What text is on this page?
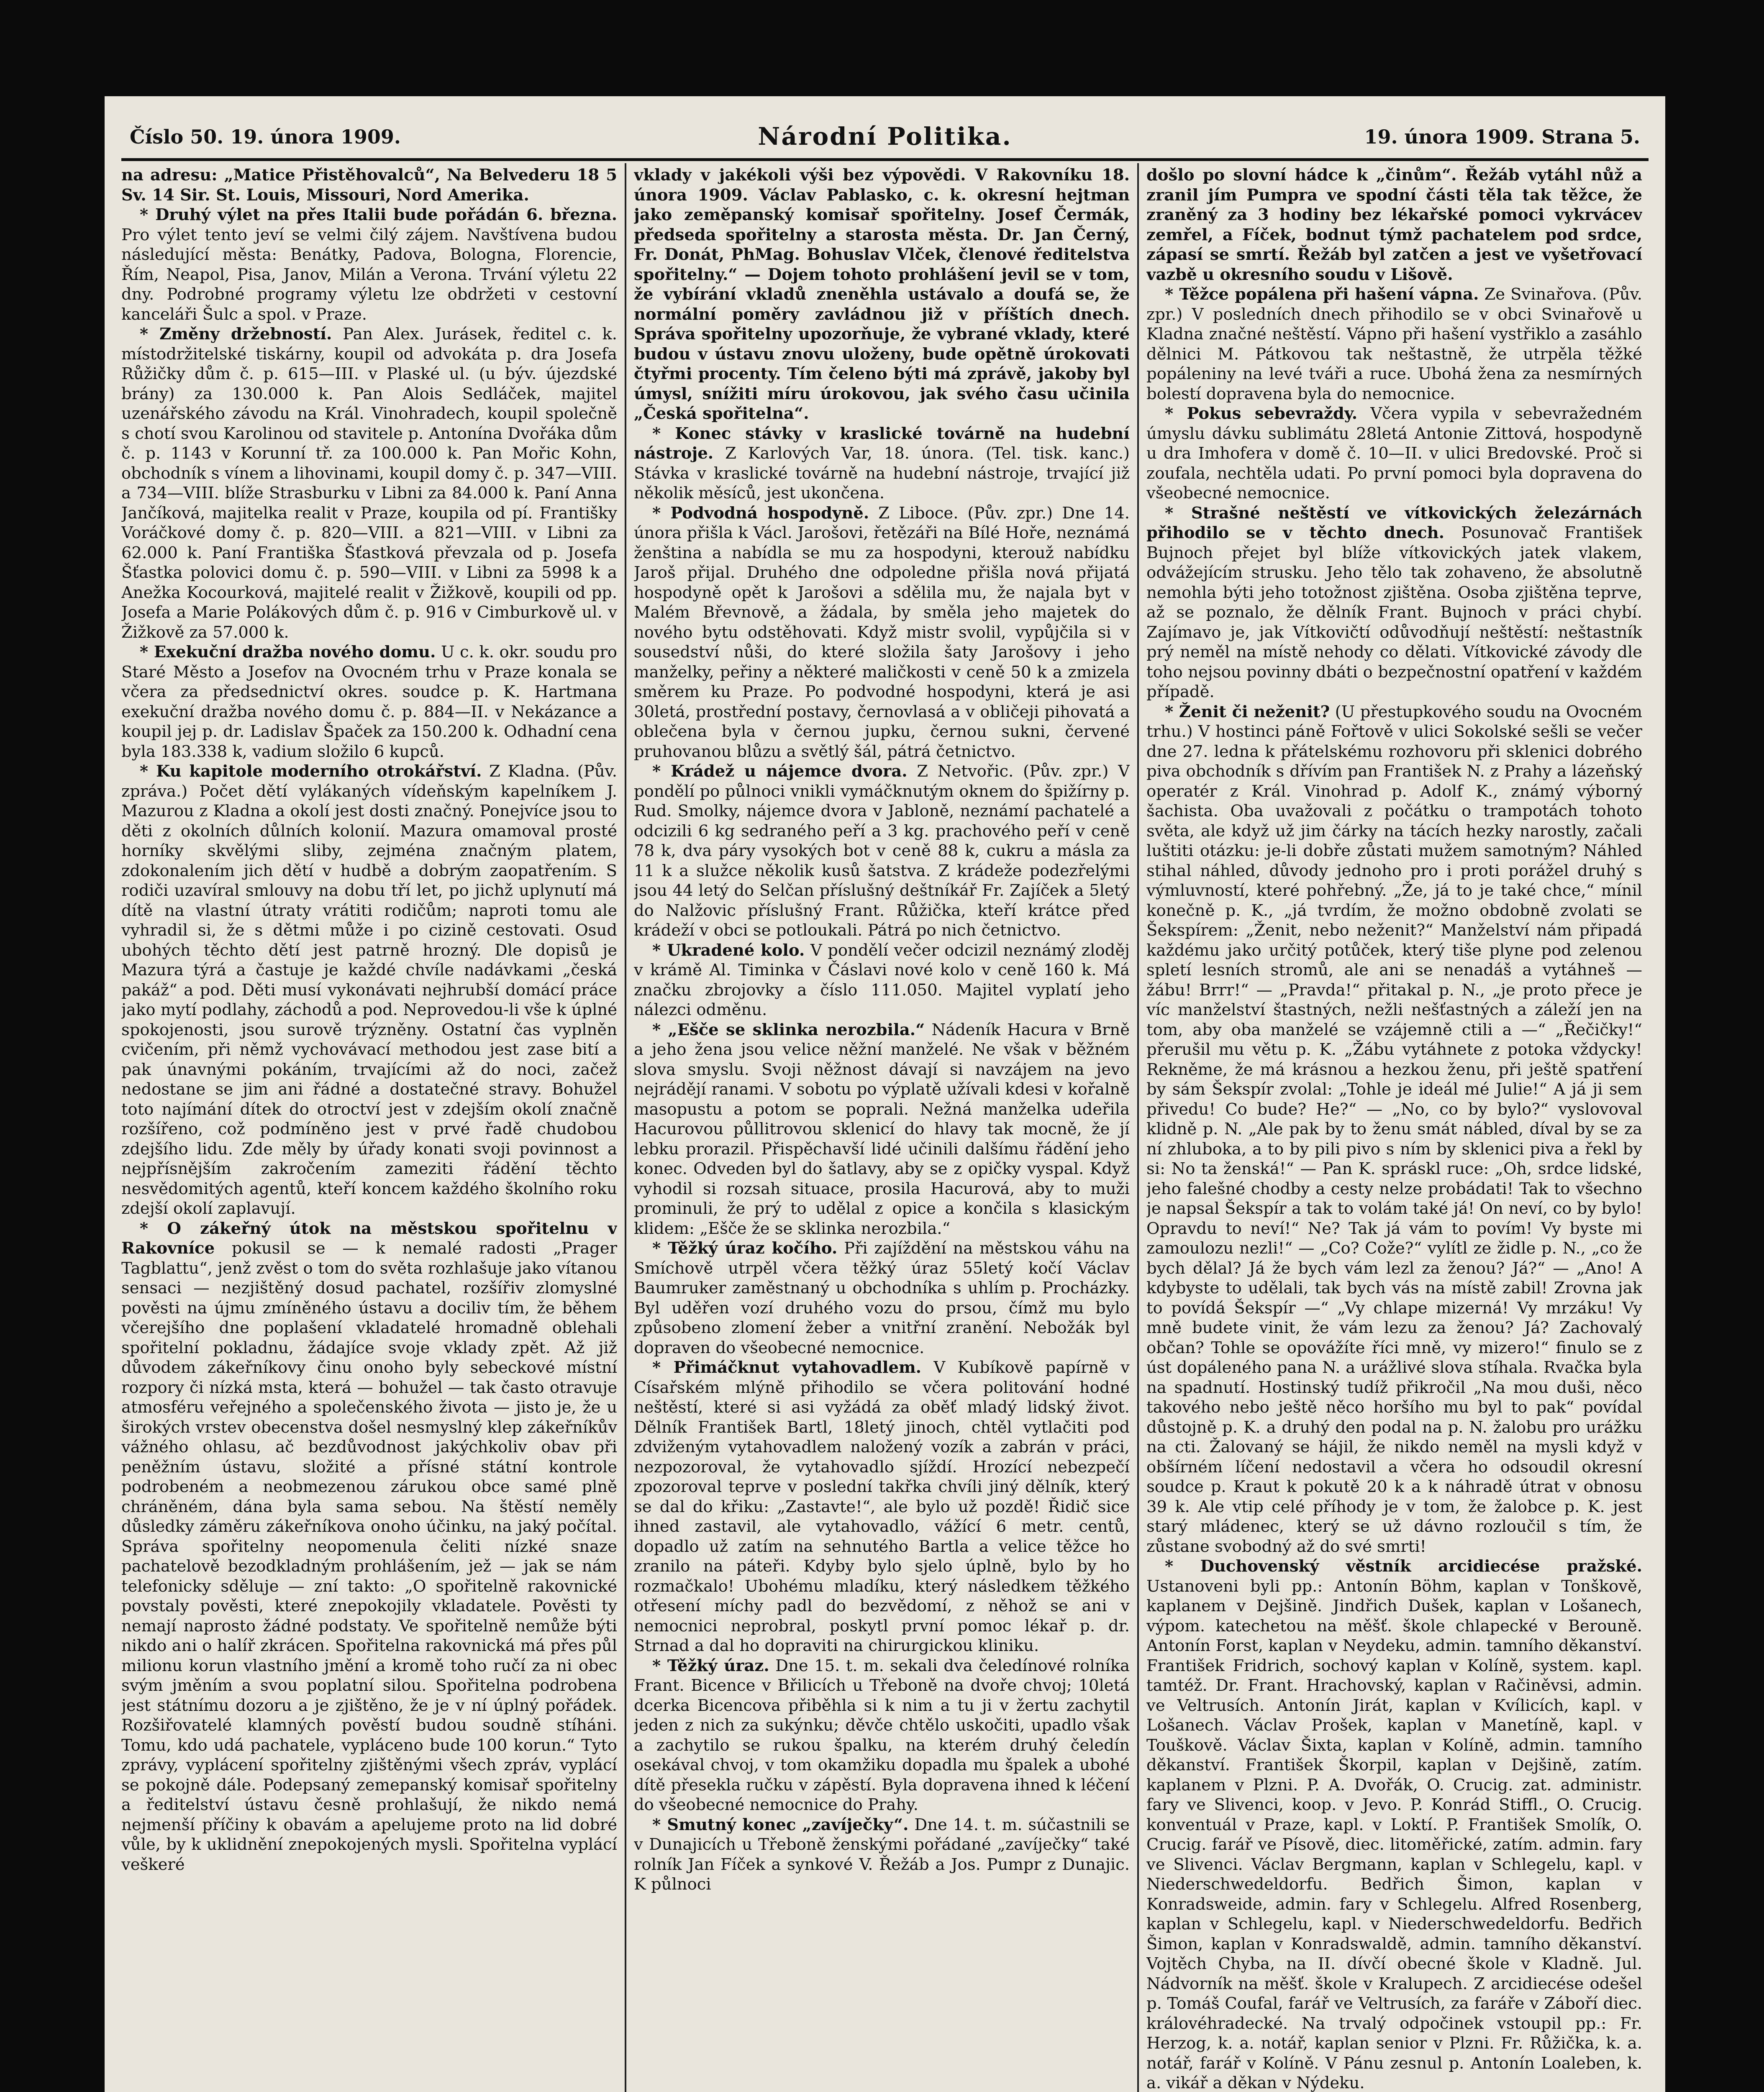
Číslo 50. 19. února 1909.	Národní Politika.	19. února 1909. Strana 5.

na adresu: „Matice Přistěhovalců“, Na Belvederu 18 5 Sv. 14 Sir. St. Louis, Missouri, Nord Amerika.

* Druhý výlet na přes Italii bude pořádán 6. března. Pro výlet tento jeví se velmi čilý zájem. Navštívena budou následující města: Benátky, Padova, Bologna, Florencie, Řím, Neapol, Pisa, Janov, Milán a Verona. Trvání výletu 22 dny. Podrobné programy výletu lze obdržeti v cestovní kanceláři Šulc a spol. v Praze.

* Změny držebností. Pan Alex. Jurásek, ředitel c. k. místodržitelské tiskárny, koupil od advokáta p. dra Josefa Růžičky dům č. p. 615—III. v Plaské ul. (u býv. újezdské brány) za 130.000 k. Pan Alois Sedláček, majitel uzenářského závodu na Král. Vinohradech, koupil společně s chotí svou Karolinou od stavitele p. Antonína Dvořáka dům č. p. 1143 v Korunní tř. za 100.000 k. Pan Mořic Kohn, obchodník s vínem a lihovinami, koupil domy č. p. 347—VIII. a 734—VIII. blíže Strasburku v Libni za 84.000 k. Paní Anna Jančíková, majitelka realit v Praze, koupila od pí. Františky Voráčkové domy č. p. 820—VIII. a 821—VIII. v Libni za 62.000 k. Paní Františka Šťastková převzala od p. Josefa Šťastka polovici domu č. p. 590—VIII. v Libni za 5998 k a Anežka Kocourková, majitelé realit v Žižkově, koupili od pp. Josefa a Marie Polákových dům č. p. 916 v Cimburkově ul. v Žižkově za 57.000 k.

* Exekuční dražba nového domu. U c. k. okr. soudu pro Staré Město a Josefov na Ovocném trhu v Praze konala se včera za předsednictví okres. soudce p. K. Hartmana exekuční dražba nového domu č. p. 884—II. v Nekázance a koupil jej p. dr. Ladislav Špaček za 150.200 k. Odhadní cena byla 183.338 k, vadium složilo 6 kupců.

* Ku kapitole moderního otrokářství. Z Kladna. (Pův. zpráva.) Počet dětí vylákaných vídeňským kapelníkem J. Mazurou z Kladna a okolí jest dosti značný. Ponejvíce jsou to děti z okolních důlních kolonií. Mazura omamoval prosté horníky skvělými sliby, zejména značným platem, zdokonalením jich dětí v hudbě a dobrým zaopatřením. S rodiči uzavíral smlouvy na dobu tří let, po jichž uplynutí má dítě na vlastní útraty vrátiti rodičům; naproti tomu ale vyhradil si, že s dětmi může i po cizině cestovati. Osud ubohých těchto dětí jest patrně hrozný. Dle dopisů je Mazura týrá a častuje je každé chvíle nadávkami „česká pakáž“ a pod. Děti musí vykonávati nejhrubší domácí práce jako mytí podlahy, záchodů a pod. Neprovedou-li vše k úplné spokojenosti, jsou surově trýzněny. Ostatní čas vyplněn cvičením, při němž vychovávací methodou jest zase bití a pak únavnými pokáním, trvajícími až do noci, začež nedostane se jim ani řádné a dostatečné stravy. Bohužel toto najímání dítek do otroctví jest v zdejším okolí značně rozšířeno, což podmíněno jest v prvé řadě chudobou zdejšího lidu. Zde měly by úřady konati svoji povinnost a nejpřísnějším zakročením zameziti řádění těchto nesvědomitých agentů, kteří koncem každého školního roku zdejší okolí zaplavují.

* O zákeřný útok na městskou spořitelnu v Rakovníce pokusil se — k nemalé radosti „Prager Tagblattu“, jenž zvěst o tom do světa rozhlašuje jako vítanou sensaci — nezjištěný dosud pachatel, rozšířiv zlomyslné pověsti na újmu zmíněného ústavu a dociliv tím, že během včerejšího dne poplašení vkladatelé hromadně oblehali spořitelní pokladnu, žádajíce svoje vklady zpět. Až již důvodem zákeřníkovy činu onoho byly sebeckové místní rozpory či nízká msta, která — bohužel — tak často otravuje atmosféru veřejného a společenského života — jisto je, že u širokých vrstev obecenstva došel nesmyslný klep zákeřníkův vážného ohlasu, ač bezdůvodnost jakýchkoliv obav při peněžním ústavu, složité a přísné státní kontrole podrobeném a neobmezenou zárukou obce samé plně chráněném, dána byla sama sebou. Na štěstí neměly důsledky záměru zákeřníkova onoho účinku, na jaký počítal. Správa spořitelny neopomenula čeliti nízké snaze pachatelově bezodkladným prohlášením, jež — jak se nám telefonicky sděluje — zní takto: „O spořitelně rakovnické povstaly pověsti, které znepokojily vkladatele. Pověsti ty nemají naprosto žádné podstaty. Ve spořitelně nemůže býti nikdo ani o halíř zkrácen. Spořitelna rakovnická má přes půl milionu korun vlastního jmění a kromě toho ručí za ni obec svým jměním a svou poplatní silou. Spořitelna podrobena jest státnímu dozoru a je zjištěno, že je v ní úplný pořádek. Rozšiřovatelé klamných pověstí budou soudně stíháni. Tomu, kdo udá pachatele, vypláceno bude 100 korun.“ Tyto zprávy, vyplácení spořitelny zjištěnými všech zpráv, vyplácí se pokojně dále. Podepsaný zemepanský komisař spořitelny a ředitelství ústavu česně prohlašují, že nikdo nemá nejmenší příčiny k obavám a apelujeme proto na lid dobré vůle, by k uklidnění znepokojených mysli. Spořitelna vyplácí veškeré

vklady v jakékoli výši bez výpovědi. V Rakovníku 18. února 1909. Václav Pablasko, c. k. okresní hejtman jako zeměpanský komisař spořitelny. Josef Čermák, předseda spořitelny a starosta města. Dr. Jan Černý, Fr. Donát, PhMag. Bohuslav Vlček, členové ředitelstva spořitelny.“ — Dojem tohoto prohlášení jevil se v tom, že vybírání vkladů zneněhla ustávalo a doufá se, že normální poměry zavládnou již v příštích dnech. Správa spořitelny upozorňuje, že vybrané vklady, které budou v ústavu znovu uloženy, bude opětně úrokovati čtyřmi procenty. Tím čeleno býti má zprávě, jakoby byl úmysl, snížiti míru úrokovou, jak svého času učinila „Česká spořitelna“.

* Konec stávky v kraslické továrně na hudební nástroje. Z Karlových Var, 18. února. (Tel. tisk. kanc.) Stávka v kraslické továrně na hudební nástroje, trvající již několik měsíců, jest ukončena.

* Podvodná hospodyně. Z Liboce. (Pův. zpr.) Dne 14. února přišla k Václ. Jarošovi, řetězáři na Bílé Hoře, neznámá ženština a nabídla se mu za hospodyni, kterouž nabídku Jaroš přijal. Druhého dne odpoledne přišla nová přijatá hospodyně opět k Jarošovi a sdělila mu, že najala byt v Malém Břevnově, a žádala, by směla jeho majetek do nového bytu odstěhovati. Když mistr svolil, vypůjčila si v sousedství nůši, do které složila šaty Jarošovy i jeho manželky, peřiny a některé maličkosti v ceně 50 k a zmizela směrem ku Praze. Po podvodné hospodyni, která je asi 30letá, prostřední postavy, černovlasá a v obličeji pihovatá a oblečena byla v černou jupku, černou sukni, červené pruhovanou blůzu a světlý šál, pátrá četnictvo.

* Krádež u nájemce dvora. Z Netvořic. (Pův. zpr.) V pondělí po půlnoci vnikli vymáčknutým oknem do špižírny p. Rud. Smolky, nájemce dvora v Jabloně, neznámí pachatelé a odcizili 6 kg sedraného peří a 3 kg. prachového peří v ceně 78 k, dva páry vysokých bot v ceně 88 k, cukru a másla za 11 k a služce několik kusů šatstva. Z krádeže podezřelými jsou 44 letý do Selčan příslušný deštníkář Fr. Zajíček a 5letý do Nalžovic příslušný Frant. Růžička, kteří krátce před krádeží v obci se potloukali. Pátrá po nich četnictvo.

* Ukradené kolo. V pondělí večer odcizil neznámý zloděj v krámě Al. Timinka v Čáslavi nové kolo v ceně 160 k. Má značku zbrojovky a číslo 111.050. Majitel vyplatí jeho nálezci odměnu.

* „Ešče se sklinka nerozbila.“ Nádeník Hacura v Brně a jeho žena jsou velice něžní manželé. Ne však v běžném slova smyslu. Svoji něžnost dávají si navzájem na jevo nejrádějí ranami. V sobotu po výplatě užívali kdesi v kořalně masopustu a potom se poprali. Nežná manželka udeřila Hacurovou půllitrovou sklenicí do hlavy tak mocně, že jí lebku prorazil. Přispěchavší lidé učinili dalšímu řádění jeho konec. Odveden byl do šatlavy, aby se z opičky vyspal. Když vyhodil si rozsah situace, prosila Hacurová, aby to muži prominuli, že prý to udělal z opice a končila s klasickým klidem: „Ešče že se sklinka nerozbila.“

* Těžký úraz kočího. Při zajíždění na městskou váhu na Smíchově utrpěl včera těžký úraz 55letý kočí Václav Baumruker zaměstnaný u obchodníka s uhlím p. Procházky. Byl uděřen vozí druhého vozu do prsou, čímž mu bylo způsobeno zlomení žeber a vnitřní zranění. Nebožák byl dopraven do všeobecné nemocnice.

* Přimáčknut vytahovadlem. V Kubíkově papírně v Císařském mlýně přihodilo se včera politování hodné neštěstí, které si asi vyžádá za oběť mladý lidský život. Dělník František Bartl, 18letý jinoch, chtěl vytlačiti pod zdviženým vytahovadlem naložený vozík a zabrán v práci, nezpozoroval, že vytahovadlo sjíždí. Hrozící nebezpečí zpozoroval teprve v poslední takřka chvíli jiný dělník, který se dal do křiku: „Zastavte!“, ale bylo už pozdě! Řidič sice ihned zastavil, ale vytahovadlo, vážící 6 metr. centů, dopadlo už zatím na sehnutého Bartla a velice těžce ho zranilo na páteři. Kdyby bylo sjelo úplně, bylo by ho rozmačkalo! Ubohému mladíku, který následkem těžkého otřesení míchy padl do bezvědomí, z něhož se ani v nemocnici neprobral, poskytl první pomoc lékař p. dr. Strnad a dal ho dopraviti na chirurgickou kliniku.

* Těžký úraz. Dne 15. t. m. sekali dva čeledínové rolníka Frant. Bicence v Břilicích u Třeboně na dvoře chvoj; 10letá dcerka Bicencova přiběhla si k nim a tu ji v žertu zachytil jeden z nich za sukýnku; děvče chtělo uskočiti, upadlo však a zachytilo se rukou špalku, na kterém druhý čeledín osekával chvoj, v tom okamžiku dopadla mu špalek a ubohé dítě přesekla ručku v zápěstí. Byla dopravena ihned k léčení do všeobecné nemocnice do Prahy.

* Smutný konec „zavíječky“. Dne 14. t. m. súčastnili se v Dunajicích u Třeboně ženskými pořádané „zavíječky“ také rolník Jan Fíček a synkové V. Řežáb a Jos. Pumpr z Dunajic. K půlnoci

došlo po slovní hádce k „činům“. Řežáb vytáhl nůž a zranil jím Pumpra ve spodní části těla tak těžce, že zraněný za 3 hodiny bez lékařské pomoci vykrvácev zemřel, a Fíček, bodnut týmž pachatelem pod srdce, zápasí se smrtí. Řežáb byl zatčen a jest ve vyšetřovací vazbě u okresního soudu v Lišově.

* Těžce popálena při hašení vápna. Ze Svinařova. (Pův. zpr.) V posledních dnech přihodilo se v obci Svinařově u Kladna značné neštěstí. Vápno při hašení vystřiklo a zasáhlo dělnici M. Pátkovou tak neštastně, že utrpěla těžké popáleniny na levé tváři a ruce. Ubohá žena za nesmírných bolestí dopravena byla do nemocnice.

* Pokus sebevraždy. Včera vypila v sebevražedném úmyslu dávku sublimátu 28letá Antonie Zittová, hospodyně u dra Imhofera v domě č. 10—II. v ulici Bredovské. Proč si zoufala, nechtěla udati. Po první pomoci byla dopravena do všeobecné nemocnice.

* Strašné neštěstí ve vítkovických železárnách přihodilo se v těchto dnech. Posunovač František Bujnoch přejet byl blíže vítkovických jatek vlakem, odvážejícím strusku. Jeho tělo tak zohaveno, že absolutně nemohla býti jeho totožnost zjištěna. Osoba zjištěna teprve, až se poznalo, že dělník Frant. Bujnoch v práci chybí. Zajímavo je, jak Vítkovičtí odůvodňují neštěstí: neštastník prý neměl na místě nehody co dělati. Vítkovické závody dle toho nejsou povinny dbáti o bezpečnostní opatření v každém případě.

* Ženit či neženit? (U přestupkového soudu na Ovocném trhu.) V hostinci páně Fořtově v ulici Sokolské sešli se večer dne 27. ledna k přátelskému rozhovoru při sklenici dobrého piva obchodník s dřívím pan František N. z Prahy a lázeňský operatér z Král. Vinohrad p. Adolf K., známý výborný šachista. Oba uvažovali z počátku o trampotách tohoto světa, ale když už jim čárky na tácích hezky narostly, začali luštiti otázku: je-li dobře zůstati mužem samotným? Náhled stihal náhled, důvody jednoho pro i proti porážel druhý s výmluvností, které pohřebný. „Že, já to je také chce,“ mínil konečně p. K., „já tvrdím, že možno obdobně zvolati se Šekspírem: „Ženit, nebo neženit?“ Manželství nám připadá každému jako určitý potůček, který tiše plyne pod zelenou spletí lesních stromů, ale ani se nenadáš a vytáhneš — žábu! Brrr!“ — „Pravda!“ přitakal p. N., „je proto přece je víc manželství štastných, nežli nešťastných a záleží jen na tom, aby oba manželé se vzájemně ctili a —“ „Řečičky!“ přerušil mu větu p. K. „Žábu vytáhnete z potoka vždycky! Rekněme, že má krásnou a hezkou ženu, při ještě spatření by sám Šekspír zvolal: „Tohle je ideál mé Julie!“ A já ji sem přivedu! Co bude? He?“ — „No, co by bylo?“ vyslovoval klidně p. N. „Ale pak by to ženu smát nábled, díval by se za ní zhluboka, a to by pili pivo s ním by sklenici piva a řekl by si: No ta ženská!“ — Pan K. spráskl ruce: „Oh, srdce lidské, jeho falešné chodby a cesty nelze probádati! Tak to všechno je napsal Šekspír a tak to volám také já! On neví, co by bylo! Opravdu to neví!“ Ne? Tak já vám to povím! Vy byste mi zamoulozu nezli!“ — „Co? Cože?“ vylítl ze židle p. N., „co že bych dělal? Já že bych vám lezl za ženou? Já?“ — „Ano! A kdybyste to udělali, tak bych vás na místě zabil! Zrovna jak to povídá Šekspír —“ „Vy chlape mizerná! Vy mrzáku! Vy mně budete vinit, že vám lezu za ženou? Já? Zachovalý občan? Tohle se opovážíte říci mně, vy mizero!“ finulo se z úst dopáleného pana N. a urážlivé slova stíhala. Rvačka byla na spadnutí. Hostinský tudíž přikročil „Na mou duši, něco takového nebo ještě něco horšího mu byl to pak“ povídal důstojně p. K. a druhý den podal na p. N. žalobu pro urážku na cti. Žalovaný se hájil, že nikdo neměl na mysli když v obšírném líčení nedostavil a včera ho odsoudil okresní soudce p. Kraut k pokutě 20 k a k náhradě útrat v obnosu 39 k. Ale vtip celé příhody je v tom, že žalobce p. K. jest starý mládenec, který se už dávno rozloučil s tím, že zůstane svobodný až do své smrti!

* Duchovenský věstník arcidiecése pražské. Ustanoveni byli pp.: Antonín Böhm, kaplan v Tonškově, kaplanem v Dejšině. Jindřich Dušek, kaplan v Lošanech, výpom. katechetou na měšť. škole chlapecké v Berouně. Antonín Forst, kaplan v Neydeku, admin. tamního děkanství. František Fridrich, sochový kaplan v Kolíně, system. kapl. tamtéž. Dr. Frant. Hrachovský, kaplan v Račiněvsi, admin. ve Veltrusích. Antonín Jirát, kaplan v Kvílicích, kapl. v Lošanech. Václav Prošek, kaplan v Manetíně, kapl. v Touškově. Václav Šixta, kaplan v Kolíně, admin. tamního děkanství. František Škorpil, kaplan v Dejšině, zatím. kaplanem v Plzni. P. A. Dvořák, O. Crucig. zat. administr. fary ve Slivenci, koop. v Jevo. P. Konrád Stiffl., O. Crucig. konventuál v Praze, kapl. v Loktí. P. František Smolík, O. Crucig. farář ve Písově, diec. litoměřické, zatím. admin. fary ve Slivenci. Václav Bergmann, kaplan v Schlegelu, kapl. v Niederschwedeldorfu. Bedřich Šimon, kaplan v Konradsweide, admin. fary v Schlegelu. Alfred Rosenberg, kaplan v Schlegelu, kapl. v Niederschwedeldorfu. Bedřich Šimon, kaplan v Konradswaldě, admin. tamního děkanství. Vojtěch Chyba, na II. dívčí obecné škole v Kladně. Jul. Nádvorník na měšť. škole v Kralupech. Z arcidiecése odešel p. Tomáš Coufal, farář ve Veltrusích, za faráře v Záboří diec. královéhradecké. Na trvalý odpočinek vstoupil pp.: Fr. Herzog, k. a. notář, kaplan senior v Plzni. Fr. Růžička, k. a. notář, farář v Kolíně. V Pánu zesnul p. Antonín Loaleben, k. a. vikář a děkan v Nýdeku.
